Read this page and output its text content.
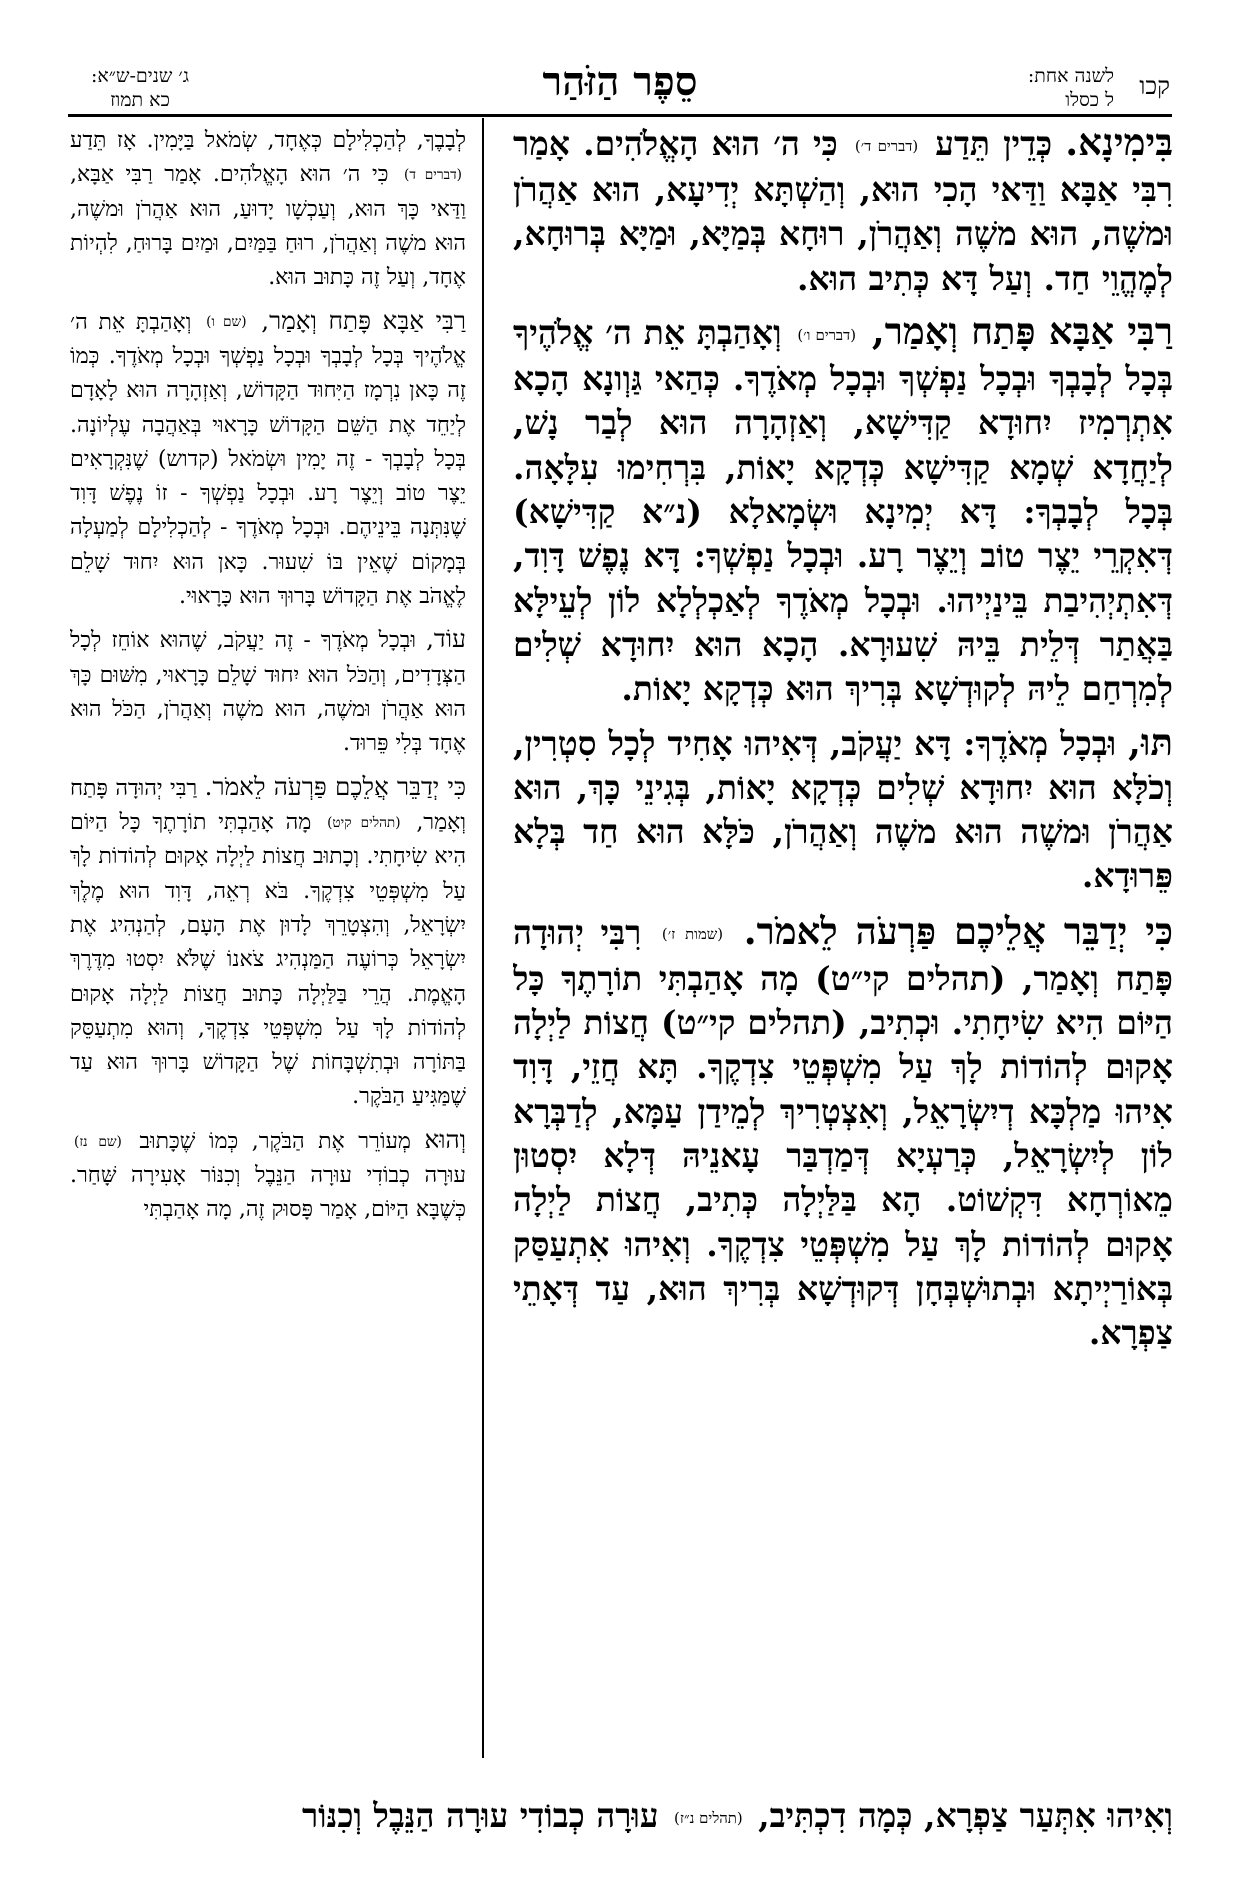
קכו
לשנה אחת:
ל כסלו
סֵפֶר הַזֹּהַר
ג׳ שנים-ש״א:
כא תמוז

בִּימִינָא. כְּדֵין תֵּדַע (דברים ד׳) כִּי ה׳ הוּא הָאֱלֹהִים. אָמַר רִבִּי אַבָּא וַדַּאי הָכִי הוּא, וְהַשְׁתָּא יְדִיעָא, הוּא אַהֲרֹן וּמשֶׁה, הוּא משֶׁה וְאַהֲרֹן, רוּחָא בְּמַיָּא, וּמַיָּא בְּרוּחָא, לְמֶהֱוֵי חַד. וְעַל דָּא כְּתִיב הוּא.

רַבִּי אַבָּא פָּתַח וְאָמַר, (דברים ו׳) וְאָהַבְתָּ אֵת ה׳ אֱלֹהֶיךָ בְּכָל לְבָבְךָ וּבְכָל נַפְשְׁךָ וּבְכָל מְאֹדֶךָ. כְּהַאי גַּוְונָא הָכָא אִתְרְמִיז יִחוּדָא קַדִּישָׁא, וְאַזְהָרָה הוּא לְבַר נָשׁ, לְיַחֲדָא שְׁמָא קַדִּישָׁא כְּדְקָא יָאוֹת, בִּרְחִימוּ עִלָּאָה. בְּכָל לְבָבְךָ: דָּא יְמִינָא וּשְׂמָאלָא (נ״א קַדִּישָׁא) דְּאִקְרֵי יֵצֶר טוֹב וְיֵצֶר רָע. וּבְכָל נַפְשְׁךָ: דָּא נֶפֶשׁ דָּוִד, דְּאִתְיְהִיבַת בֵּינַיְיהוּ. וּבְכָל מְאֹדֶךָ לְאַכְלְלָא לוֹן לְעֵילָּא בַּאֲתַר דְּלֵית בֵּיהּ שִׁעוּרָא. הָכָא הוּא יִחוּדָא שְׁלִים לְמִרְחַם לֵיהּ לְקוּדְשָׁא בְּרִיךְ הוּא כְּדְקָא יָאוֹת.

תּוּ, וּבְכָל מְאֹדֶךָ: דָּא יַעֲקֹב, דְּאִיהוּ אָחִיד לְכָל סִטְרִין, וְכֹלָּא הוּא יִחוּדָא שְׁלִים כְּדְקָא יָאוֹת, בְּגִינֵי כָּךְ, הוּא אַהֲרֹן וּמשֶׁה הוּא משֶׁה וְאַהֲרֹן, כֹּלָּא הוּא חַד בְּלָא פֵּרוּדָא.

כִּי יְדַבֵּר אֲלֵיכֶם פַּרְעֹה לֵאמֹר. (שמות ז׳) רִבִּי יְהוּדָה פָּתַח וְאָמַר, (תהלים קי״ט) מָה אָהַבְתִּי תוֹרָתֶךָ כָּל הַיּוֹם הִיא שִׂיחָתִי. וּכְתִיב, (תהלים קי״ט) חֲצוֹת לַיְלָה אָקוּם לְהוֹדוֹת לָךְ עַל מִשְׁפְּטֵי צִדְקֶךָ. תָּא חֲזֵי, דָּוִד אִיהוּ מַלְכָּא דְיִשְׂרָאֵל, וְאִצְטְרִיךְ לְמֵידַן עַמָּא, לְדַבְּרָא לוֹן לְיִשְׂרָאֵל, כְּרַעְיָא דְּמַדְבַּר עָאנֵיהּ דְּלָא יִסְטוּן מֵאוֹרְחָא דִּקְשׁוֹט. הָא בַּלַּיְלָה כְּתִיב, חֲצוֹת לַיְלָה אָקוּם לְהוֹדוֹת לָךְ עַל מִשְׁפְּטֵי צִדְקֶךָ. וְאִיהוּ אִתְעַסַּק בְּאוֹרַיְיתָא וּבְתוּשְׁבְּחָן דְּקוּדְשָׁא בְּרִיךְ הוּא, עַד דְּאָתֵי צַפְרָא.

לְבָבֶךָ, לְהַכְלִילָם כְּאֶחָד, שְׂמֹאל בַּיָּמִין. אָז תֵּדַע (דברים ד) כִּי ה׳ הוּא הָאֱלֹהִים. אָמַר רַבִּי אַבָּא, וַדַּאי כָּךְ הוּא, וְעַכְשָׁו יָדוּעַ, הוּא אַהֲרֹן וּמשֶׁה, הוּא משֶׁה וְאַהֲרֹן, רוּחַ בַּמַּיִם, וּמַיִם בָּרוּחַ, לִהְיוֹת אֶחָד, וְעַל זֶה כָּתוּב הוּא.

רַבִּי אַבָּא פָּתַח וְאָמַר, (שם ו) וְאָהַבְתָּ אֵת ה׳ אֱלֹהֶיךָ בְּכָל לְבָבְךָ וּבְכָל נַפְשְׁךָ וּבְכָל מְאֹדֶךָ. כְּמוֹ זֶה כָּאן נִרְמָז הַיִּחוּד הַקָּדוֹשׁ, וְאַזְהָרָה הוּא לָאָדָם לְיַחֵד אֶת הַשֵּׁם הַקָּדוֹשׁ כָּרָאוּי בְּאַהֲבָה עֶלְיוֹנָה. בְּכָל לְבָבְךָ - זֶה יָמִין וּשְׂמֹאל (קדוש) שֶׁנִּקְרָאִים יֵצֶר טוֹב וְיֵצֶר רָע. וּבְכָל נַפְשְׁךָ - זוֹ נֶפֶשׁ דָּוִד שֶׁנִּתְּנָה בֵּינֵיהֶם. וּבְכָל מְאֹדֶךָ - לְהַכְלִילָם לְמַעְלָה בְּמָקוֹם שֶׁאֵין בּוֹ שִׁעוּר. כָּאן הוּא יִחוּד שָׁלֵם לֶאֱהֹב אֶת הַקָּדוֹשׁ בָּרוּךְ הוּא כָּרָאוּי.

עוֹד, וּבְכָל מְאֹדֶךָ - זֶה יַעֲקֹב, שֶׁהוּא אוֹחֵז לְכָל הַצְּדָדִים, וְהַכֹּל הוּא יִחוּד שָׁלֵם כָּרָאוּי, מִשּׁוּם כָּךְ הוּא אַהֲרֹן וּמשֶׁה, הוּא משֶׁה וְאַהֲרֹן, הַכֹּל הוּא אֶחָד בְּלִי פֵּרוּד.

כִּי יְדַבֵּר אֲלֵכֶם פַּרְעֹה לֵאמֹר. רַבִּי יְהוּדָה פָּתַח וְאָמַר, (תהלים קיט) מָה אָהַבְתִּי תוֹרָתֶךָ כָּל הַיּוֹם הִיא שִׂיחָתִי. וְכָתוּב חֲצוֹת לַיְלָה אָקוּם לְהוֹדוֹת לָךְ עַל מִשְׁפְּטֵי צִדְקֶךָ. בֹּא רְאֵה, דָּוִד הוּא מֶלֶךְ יִשְׂרָאֵל, וְהִצְטָרֵךְ לָדוּן אֶת הָעָם, לְהַנְהִיג אֶת יִשְׂרָאֵל כְּרוֹעֶה הַמַּנְהִיג צֹאנוֹ שֶׁלֹּא יִסְטוּ מִדֶּרֶךְ הָאֱמֶת. הֲרֵי בַּלַּיְלָה כָּתוּב חֲצוֹת לַיְלָה אָקוּם לְהוֹדוֹת לָךְ עַל מִשְׁפְּטֵי צִדְקֶךָ, וְהוּא מִתְעַסֵּק בַּתּוֹרָה וּבְתִשְׁבָּחוֹת שֶׁל הַקָּדוֹשׁ בָּרוּךְ הוּא עַד שֶׁמַּגִּיעַ הַבֹּקֶר.

וְהוּא מְעוֹרֵר אֶת הַבֹּקֶר, כְּמוֹ שֶׁכָּתוּב (שם נז) עוּרָה כְבוֹדִי עוּרָה הַנֵּבֶל וְכִנּוֹר אָעִירָה שָּׁחַר. כְּשֶׁבָּא הַיּוֹם, אָמַר פָּסוּק זֶה, מָה אָהַבְתִּי

וְאִיהוּ אִתְּעַר צַפְרָא, כְּמָה דִכְתִּיב, (תהלים נ״ז) עוּרָה כְבוֹדִי עוּרָה הַנֵּבֶל וְכִנּוֹר
